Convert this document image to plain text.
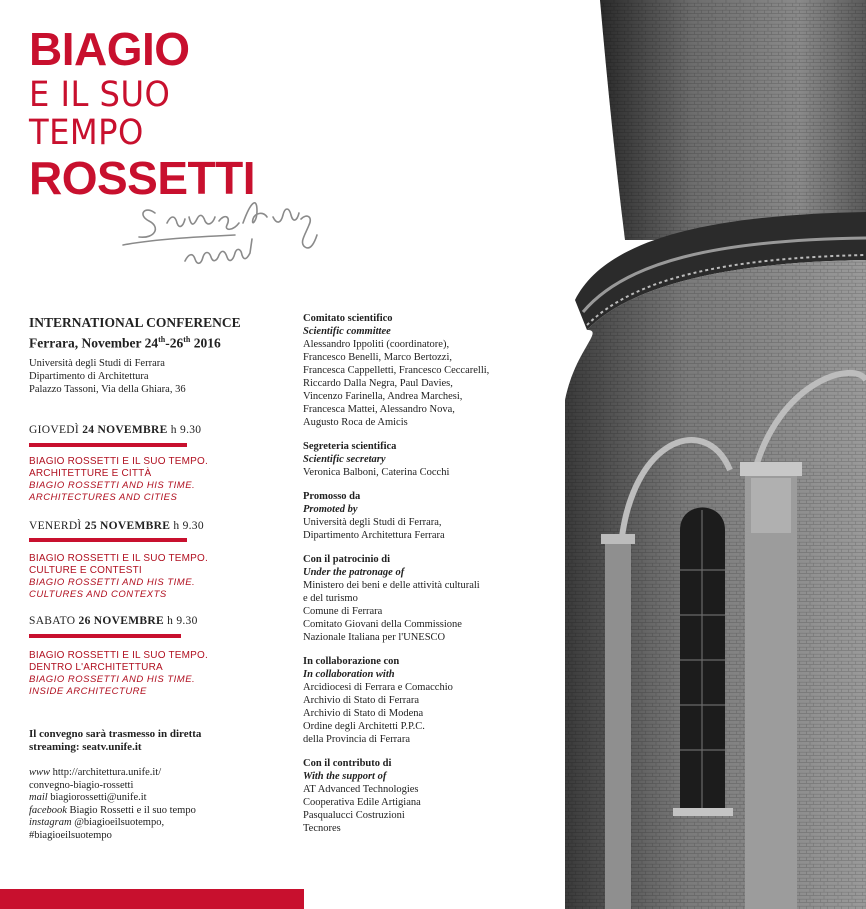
BIAGIO
E IL SUO
TEMPO
ROSSETTI
INTERNATIONAL CONFERENCE
Ferrara, November 24th-26th 2016
Università degli Studi di Ferrara
Dipartimento di Architettura
Palazzo Tassoni, Via della Ghiara, 36
GIOVEDÌ 24 NOVEMBRE h 9.30
BIAGIO ROSSETTI E IL SUO TEMPO.
ARCHITETTURE E CITTÀ
BIAGIO ROSSETTI AND HIS TIME.
ARCHITECTURES AND CITIES
VENERDÌ 25 NOVEMBRE h 9.30
BIAGIO ROSSETTI E IL SUO TEMPO.
CULTURE E CONTESTI
BIAGIO ROSSETTI AND HIS TIME.
CULTURES AND CONTEXTS
SABATO 26 NOVEMBRE h 9.30
BIAGIO ROSSETTI E IL SUO TEMPO.
DENTRO L'ARCHITETTURA
BIAGIO ROSSETTI AND HIS TIME.
INSIDE ARCHITECTURE
Il convegno sarà trasmesso in diretta
streaming: seatv.unife.it
www http://architettura.unife.it/
convegno-biagio-rossetti
mail biagiorossetti@unife.it
facebook Biagio Rossetti e il suo tempo
instagram @biagioeilsuotempo,
#biagioeilsuotempo
Comitato scientifico
Scientific committee
Alessandro Ippoliti (coordinatore),
Francesco Benelli, Marco Bertozzi,
Francesca Cappelletti, Francesco Ceccarelli,
Riccardo Dalla Negra, Paul Davies,
Vincenzo Farinella, Andrea Marchesi,
Francesca Mattei, Alessandro Nova,
Augusto Roca de Amicis
Segreteria scientifica
Scientific secretary
Veronica Balboni, Caterina Cocchi
Promosso da
Promoted by
Università degli Studi di Ferrara,
Dipartimento Architettura Ferrara
Con il patrocinio di
Under the patronage of
Ministero dei beni e delle attività culturali
e del turismo
Comune di Ferrara
Comitato Giovani della Commissione
Nazionale Italiana per l'UNESCO
In collaborazione con
In collaboration with
Arcidiocesi di Ferrara e Comacchio
Archivio di Stato di Ferrara
Archivio di Stato di Modena
Ordine degli Architetti P.P.C.
della Provincia di Ferrara
Con il contributo di
With the support of
AT Advanced Technologies
Cooperativa Edile Artigiana
Pasqualucci Costruzioni
Tecnores
